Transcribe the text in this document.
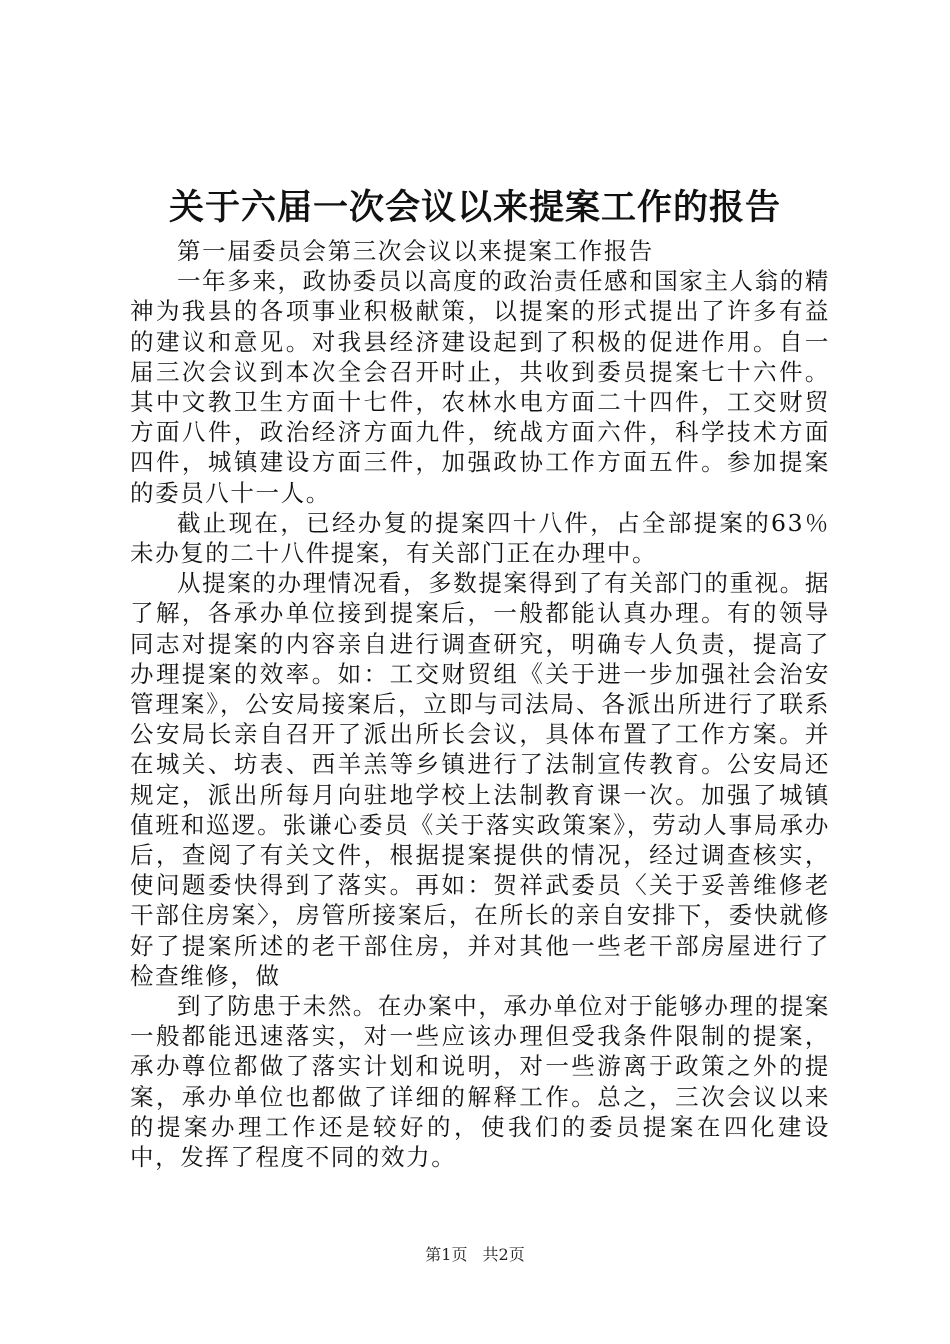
关于六届一次会议以来提案工作的报告

第一届委员会第三次会议以来提案工作报告

一年多来，政协委员以高度的政治责任感和国家主人翁的精神为我县的各项事业积极献策，以提案的形式提出了许多有益的建议和意见。对我县经济建设起到了积极的促进作用。自一届三次会议到本次全会召开时止，共收到委员提案七十六件。其中文教卫生方面十七件，农林水电方面二十四件，工交财贸方面八件，政治经济方面九件，统战方面六件，科学技术方面四件，城镇建设方面三件，加强政协工作方面五件。参加提案的委员八十一人。

截止现在，已经办复的提案四十八件，占全部提案的63％未办复的二十八件提案，有关部门正在办理中。

从提案的办理情况看，多数提案得到了有关部门的重视。据了解，各承办单位接到提案后，一般都能认真办理。有的领导同志对提案的内容亲自进行调查研究，明确专人负责，提高了办理提案的效率。如：工交财贸组《关于进一步加强社会治安管理案》，公安局接案后，立即与司法局、各派出所进行了联系公安局长亲自召开了派出所长会议，具体布置了工作方案。并在城关、坊表、西羊羔等乡镇进行了法制宣传教育。公安局还规定，派出所每月向驻地学校上法制教育课一次。加强了城镇值班和巡逻。张谦心委员《关于落实政策案》，劳动人事局承办后，查阅了有关文件，根据提案提供的情况，经过调查核实，使问题委快得到了落实。再如：贺祥武委员〈关于妥善维修老干部住房案〉，房管所接案后，在所长的亲自安排下，委快就修好了提案所述的老干部住房，并对其他一些老干部房屋进行了检查维修，做

到了防患于未然。在办案中，承办单位对于能够办理的提案一般都能迅速落实，对一些应该办理但受我条件限制的提案，承办尊位都做了落实计划和说明，对一些游离于政策之外的提案，承办单位也都做了详细的解释工作。总之，三次会议以来的提案办理工作还是较好的，使我们的委员提案在四化建设中，发挥了程度不同的效力。

第1页 共2页
